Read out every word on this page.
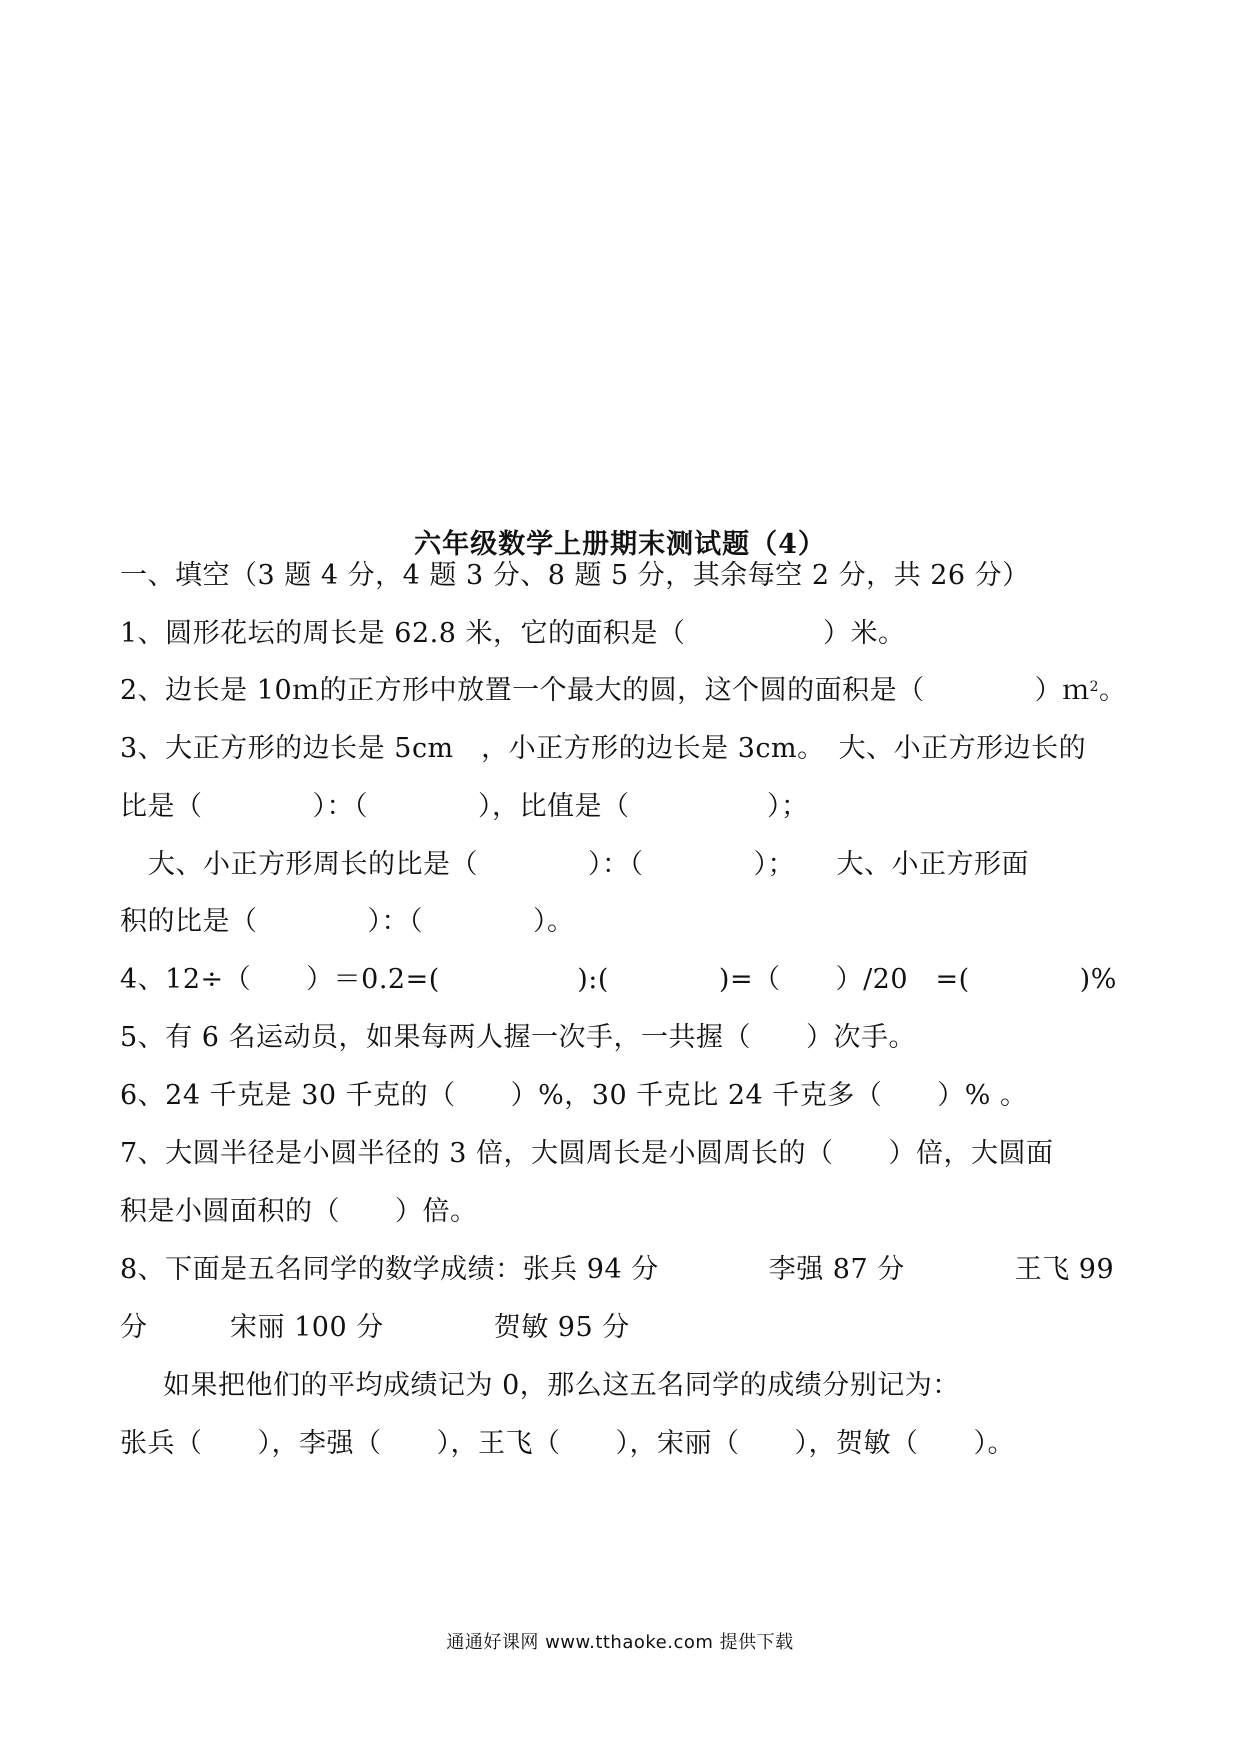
六年级数学上册期末测试题（4）
一、填空（3 题 4 分，4 题 3 分、8 题 5 分，其余每空 2 分，共 26 分）
1、圆形花坛的周长是 62.8 米，它的面积是（　　　　　）米。
2、边长是 10ｍ的正方形中放置一个最大的圆，这个圆的面积是（　　　　）ｍ$^2$。
3、大正方形的边长是 5cm　，小正方形的边长是 3cm。　大、小正方形边长的
比是（　　　　）：（　　　　），比值是（　　　　　）；
大、小正方形周长的比是（　　　　）：（　　　　）；　　大、小正方形面
积的比是（　　　　）：（　　　　）。
4、12÷（　　）＝0.2=(　　　　　):(　　　　)=（　　）/20　=(　　　　)%
5、有 6 名运动员，如果每两人握一次手，一共握（　　）次手。
6、24 千克是 30 千克的（　　）%，30 千克比 24 千克多（　　）% 。
7、大圆半径是小圆半径的 3 倍，大圆周长是小圆周长的（　　）倍，大圆面
积是小圆面积的（　　）倍。
8、下面是五名同学的数学成绩：张兵 94 分　　　　李强 87 分　　　　王飞 99
分　　　宋丽 100 分　　　　贺敏 95 分
如果把他们的平均成绩记为 0，那么这五名同学的成绩分别记为：
张兵（　　），李强（　　），王飞（　　），宋丽（　　），贺敏（　　）。
通通好课网 www.tthaoke.com 提供下载
